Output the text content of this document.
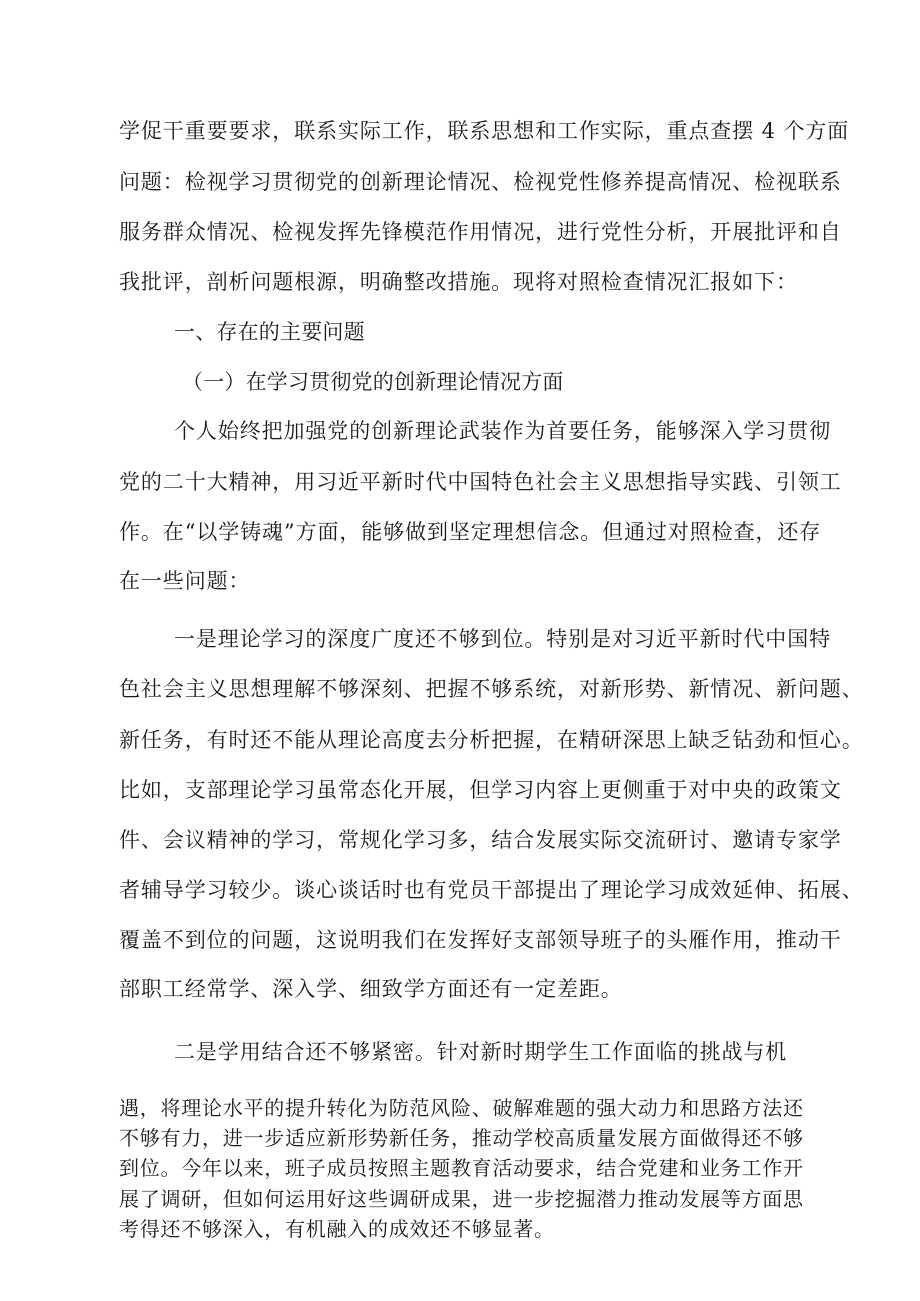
学促干重要要求，联系实际工作，联系思想和工作实际，重点查摆 4 个方面

问题：检视学习贯彻党的创新理论情况、检视党性修养提高情况、检视联系

服务群众情况、检视发挥先锋模范作用情况，进行党性分析，开展批评和自

我批评，剖析问题根源，明确整改措施。现将对照检查情况汇报如下：

一、存在的主要问题

（一）在学习贯彻党的创新理论情况方面

个人始终把加强党的创新理论武装作为首要任务，能够深入学习贯彻

党的二十大精神，用习近平新时代中国特色社会主义思想指导实践、引领工

作。在“以学铸魂”方面，能够做到坚定理想信念。但通过对照检查，还存

在一些问题：

一是理论学习的深度广度还不够到位。特别是对习近平新时代中国特

色社会主义思想理解不够深刻、把握不够系统，对新形势、新情况、新问题、

新任务，有时还不能从理论高度去分析把握，在精研深思上缺乏钻劲和恒心。

比如，支部理论学习虽常态化开展，但学习内容上更侧重于对中央的政策文

件、会议精神的学习，常规化学习多，结合发展实际交流研讨、邀请专家学

者辅导学习较少。谈心谈话时也有党员干部提出了理论学习成效延伸、拓展、

覆盖不到位的问题，这说明我们在发挥好支部领导班子的头雁作用，推动干

部职工经常学、深入学、细致学方面还有一定差距。

二是学用结合还不够紧密。针对新时期学生工作面临的挑战与机

遇，将理论水平的提升转化为防范风险、破解难题的强大动力和思路方法还

不够有力，进一步适应新形势新任务，推动学校高质量发展方面做得还不够

到位。今年以来，班子成员按照主题教育活动要求，结合党建和业务工作开

展了调研，但如何运用好这些调研成果，进一步挖掘潜力推动发展等方面思

考得还不够深入，有机融入的成效还不够显著。
